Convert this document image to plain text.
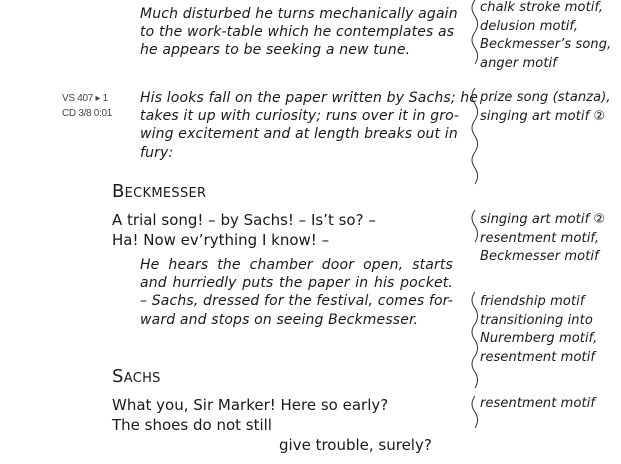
Much disturbed he turns mechanically again
to the work-table which he contemplates as
he appears to be seeking a new tune.
chalk stroke motif,
delusion motif,
Beckmesser’s song,
anger motif
VS 407 ▸ 1
CD 3/8 0:01
His looks fall on the paper written by Sachs; he
takes it up with curiosity; runs over it in gro-
wing excitement and at length breaks out in
fury:
prize song (stanza),
singing art motif ②
Beckmesser
A trial song! – by Sachs! – Is’t so? –
Ha! Now ev’rything I know! –
singing art motif ②
resentment motif,
Beckmesser motif
He hears the chamber door open, starts
and hurriedly puts the paper in his pocket.
– Sachs, dressed for the festival, comes for-
ward and stops on seeing Beckmesser.
friendship motif
transitioning into
Nuremberg motif,
resentment motif
Sachs
What you, Sir Marker! Here so early?
The shoes do not still
give trouble, surely?
resentment motif
